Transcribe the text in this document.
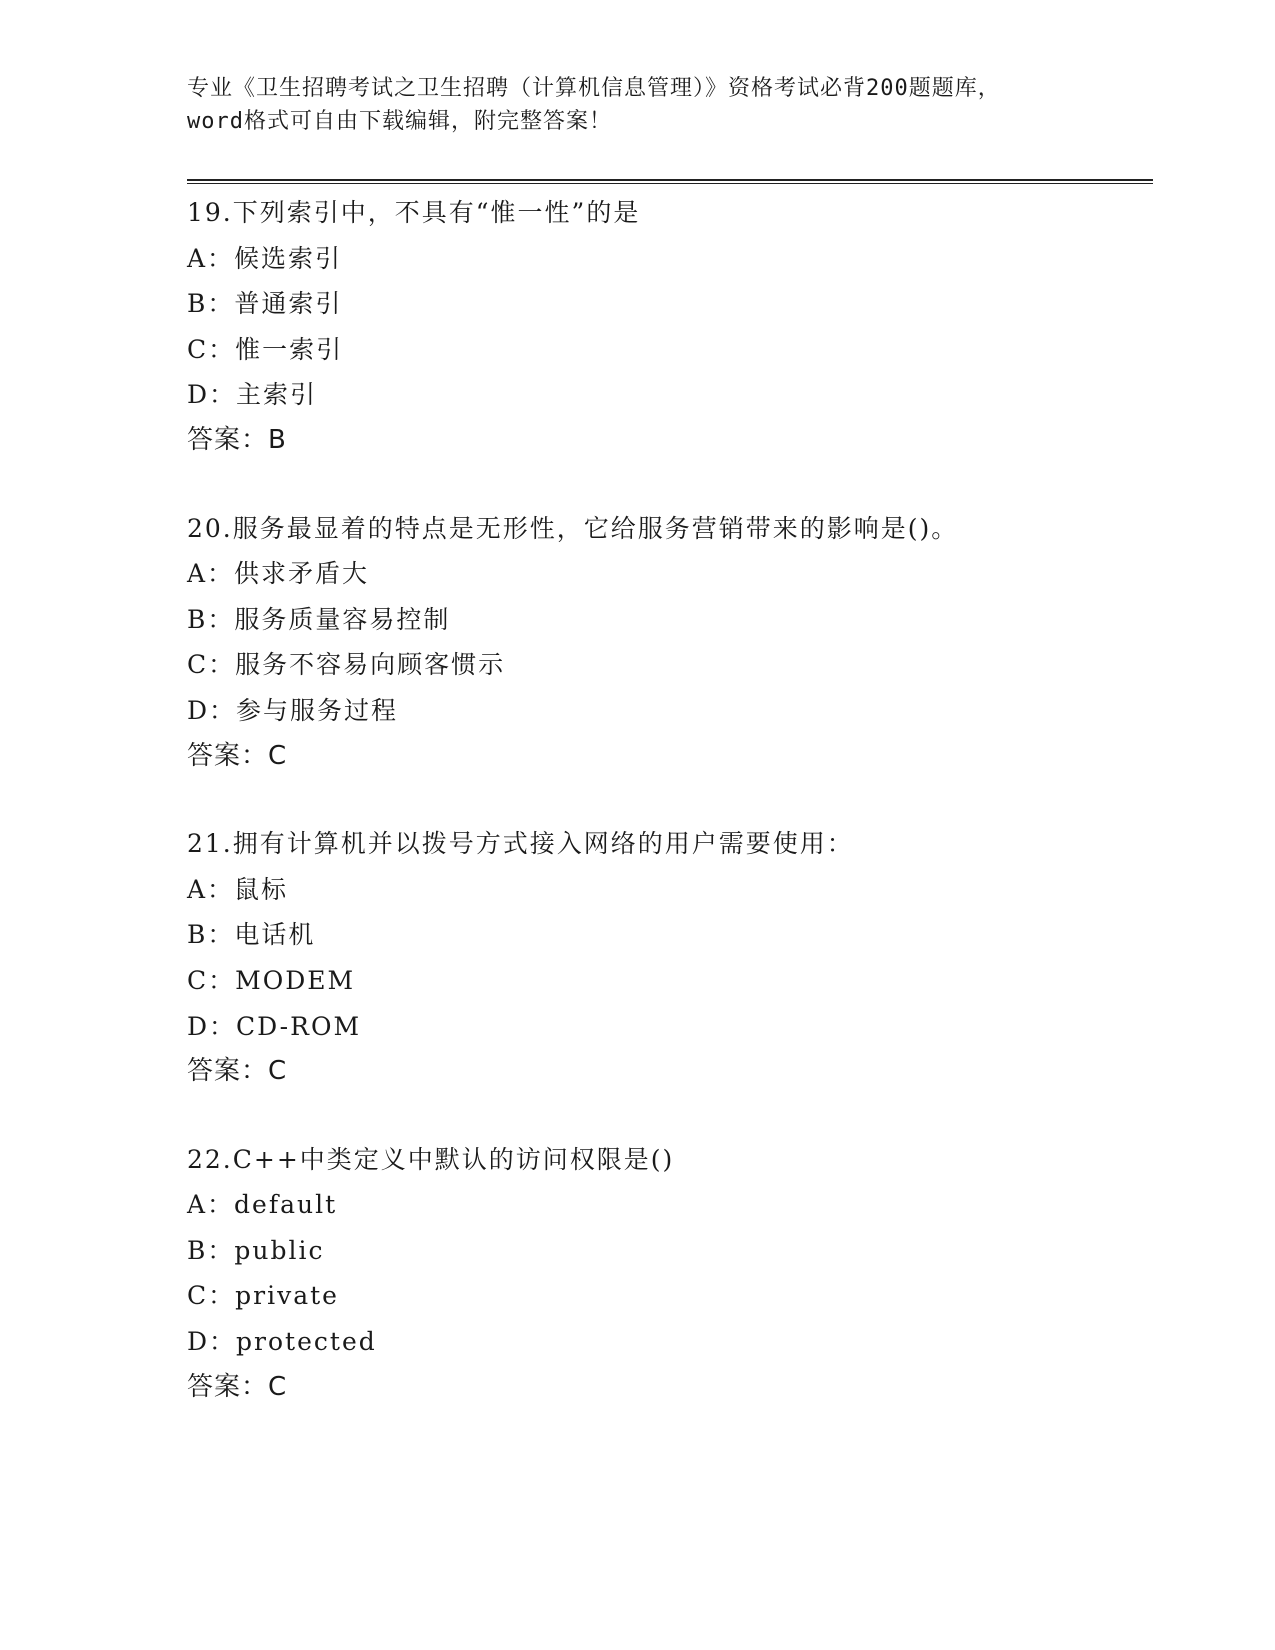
专业《卫生招聘考试之卫生招聘（计算机信息管理）》资格考试必背200题题库，
word格式可自由下载编辑，附完整答案！
19.下列索引中，不具有“惟一性”的是
A：候选索引
B：普通索引
C：惟一索引
D：主索引
答案：B
20.服务最显着的特点是无形性，它给服务营销带来的影响是()。
A：供求矛盾大
B：服务质量容易控制
C：服务不容易向顾客惯示
D：参与服务过程
答案：C
21.拥有计算机并以拨号方式接入网络的用户需要使用：
A：鼠标
B：电话机
C：MODEM
D：CD-ROM
答案：C
22.C++中类定义中默认的访问权限是()
A：default
B：public
C：private
D：protected
答案：C
